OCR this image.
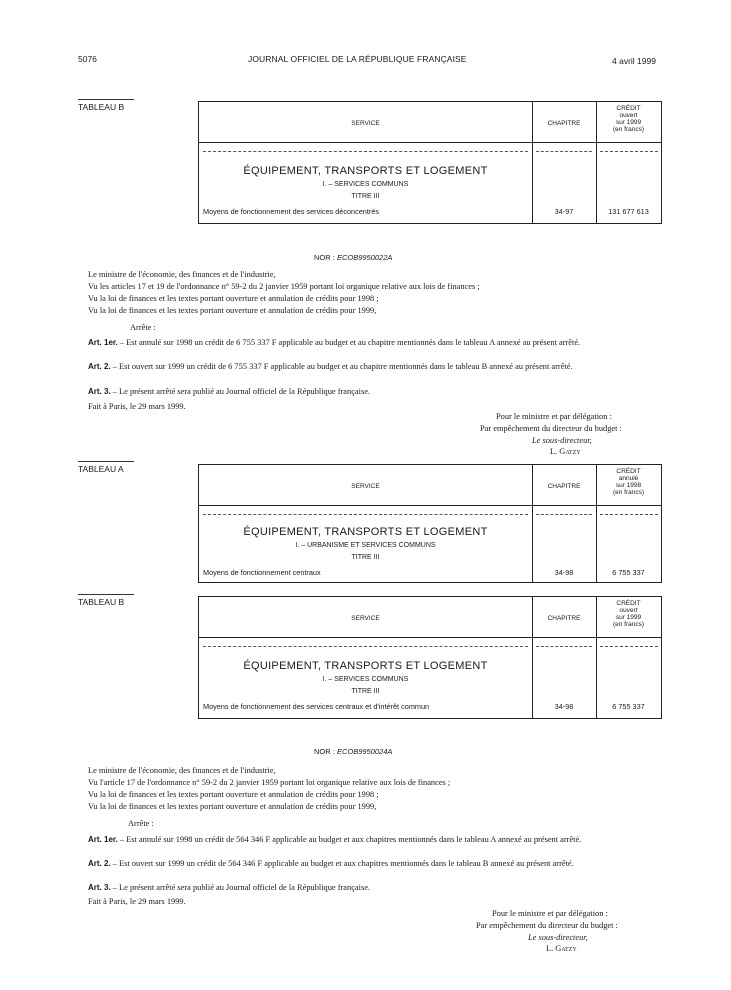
5076	JOURNAL OFFICIEL DE LA RÉPUBLIQUE FRANÇAISE	4 avril 1999
TABLEAU B
SERVICE	CHAPITRE
CRÉDIT
ouvert
sur 1999
(en francs)
ÉQUIPEMENT, TRANSPORTS ET LOGEMENT
I. – SERVICES COMMUNS
TITRE III
Moyens de fonctionnement des services déconcentrés	34-97	131 677 613
NOR : ECOB9950022A
Le ministre de l'économie, des finances et de l'industrie,
Vu les articles 17 et 19 de l'ordonnance n° 59-2 du 2 janvier 1959 portant loi organique relative aux lois de finances ;
Vu la loi de finances et les textes portant ouverture et annulation de crédits pour 1998 ;
Vu la loi de finances et les textes portant ouverture et annulation de crédits pour 1999,
Arrête :
Art. 1er. – Est annulé sur 1998 un crédit de 6 755 337 F applicable au budget et au chapitre mentionnés dans le tableau A annexé au présent arrêté.
Art. 2. – Est ouvert sur 1999 un crédit de 6 755 337 F applicable au budget et au chapitre mentionnés dans le tableau B annexé au présent arrêté.
Art. 3. – Le présent arrêté sera publié au Journal officiel de la République française.
Fait à Paris, le 29 mars 1999.
Pour le ministre et par délégation :
Par empêchement du directeur du budget :
Le sous-directeur,
L. Gatzy
TABLEAU A
SERVICE	CHAPITRE
CRÉDIT
annulé
sur 1998
(en francs)
ÉQUIPEMENT, TRANSPORTS ET LOGEMENT
I. – URBANISME ET SERVICES COMMUNS
TITRE III
Moyens de fonctionnement centraux	34-98	6 755 337
TABLEAU B
SERVICE	CHAPITRE
CRÉDIT
ouvert
sur 1999
(en francs)
ÉQUIPEMENT, TRANSPORTS ET LOGEMENT
I. – SERVICES COMMUNS
TITRE III
Moyens de fonctionnement des services centraux et d'intérêt commun	34-98	6 755 337
NOR : ECOB9950024A
Le ministre de l'économie, des finances et de l'industrie,
Vu l'article 17 de l'ordonnance n° 59-2 du 2 janvier 1959 portant loi organique relative aux lois de finances ;
Vu la loi de finances et les textes portant ouverture et annulation de crédits pour 1998 ;
Vu la loi de finances et les textes portant ouverture et annulation de crédits pour 1999,
Arrête :
Art. 1er. – Est annulé sur 1998 un crédit de 564 346 F applicable au budget et aux chapitres mentionnés dans le tableau A annexé au présent arrêté.
Art. 2. – Est ouvert sur 1999 un crédit de 564 346 F applicable au budget et aux chapitres mentionnés dans le tableau B annexé au présent arrêté.
Art. 3. – Le présent arrêté sera publié au Journal officiel de la République française.
Fait à Paris, le 29 mars 1999.
Pour le ministre et par délégation :
Par empêchement du directeur du budget :
Le sous-directeur,
L. Gatzy
